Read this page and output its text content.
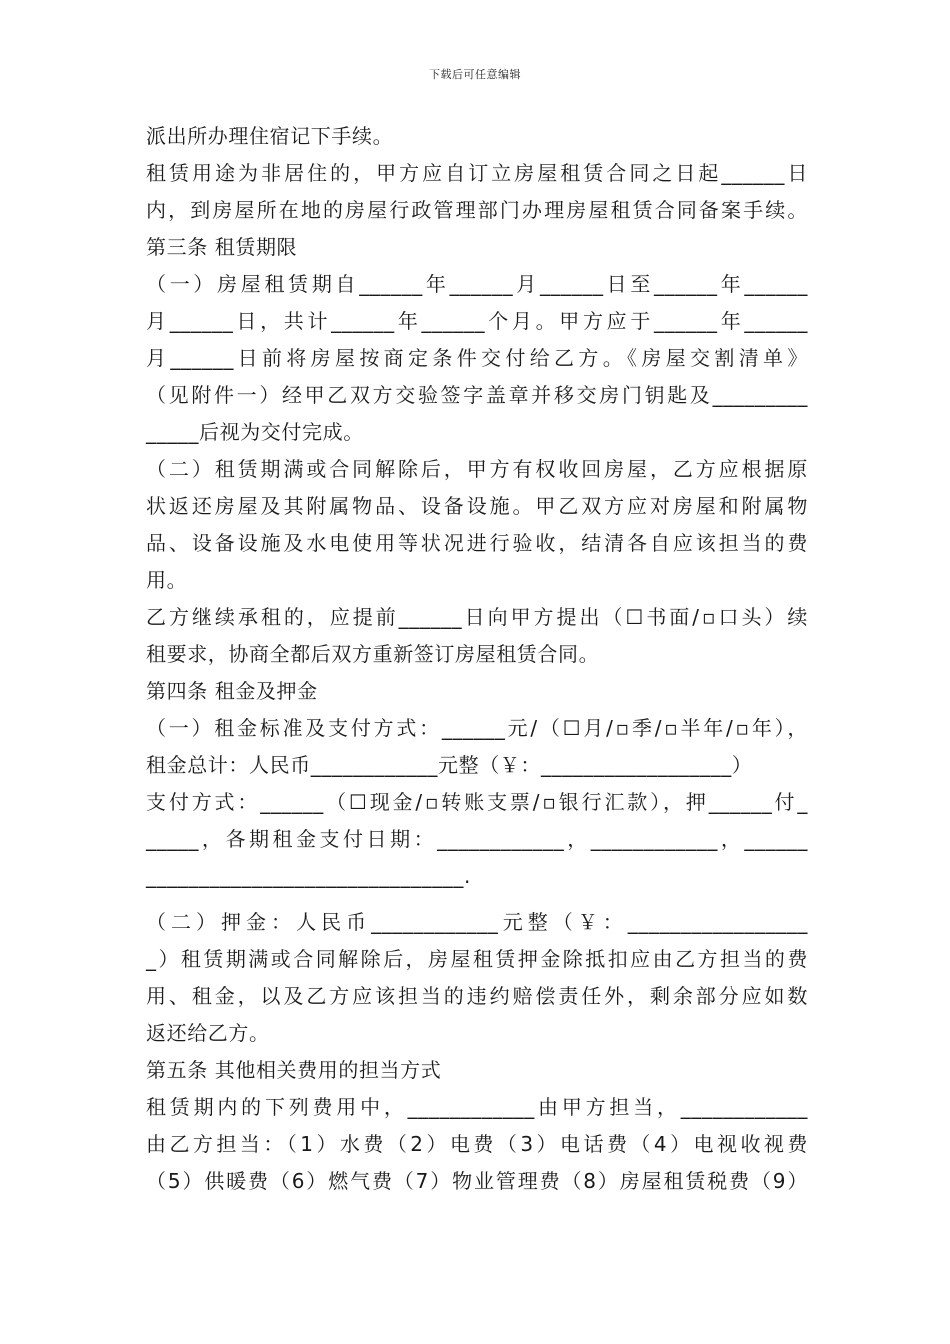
下载后可任意编辑
派出所办理住宿记下手续。
租赁用途为非居住的，甲方应自订立房屋租赁合同之日起______日
内，到房屋所在地的房屋行政管理部门办理房屋租赁合同备案手续。
第三条 租赁期限
（一）房屋租赁期自______年______月______日至______年______
月______日，共计______年______个月。甲方应于______年______
月______日前将房屋按商定条件交付给乙方。《房屋交割清单》
（见附件一）经甲乙双方交验签字盖章并移交房门钥匙及_________
_____后视为交付完成。
（二）租赁期满或合同解除后，甲方有权收回房屋，乙方应根据原
状返还房屋及其附属物品、设备设施。甲乙双方应对房屋和附属物
品、设备设施及水电使用等状况进行验收，结清各自应该担当的费
用。
乙方继续承租的，应提前______日向甲方提出（☐书面/▫口头）续
租要求，协商全都后双方重新签订房屋租赁合同。
第四条 租金及押金
（一）租金标准及支付方式：______元/（☐月/▫季/▫半年/▫年），
租金总计：人民币____________元整（￥：__________________）
支付方式：______（☐现金/▫转账支票/▫银行汇款），押______付_
_____，各期租金支付日期：____________，____________，______
______________________________.
（二）押金：人民币____________元整（￥：_________________
_）租赁期满或合同解除后，房屋租赁押金除抵扣应由乙方担当的费
用、租金，以及乙方应该担当的违约赔偿责任外，剩余部分应如数
返还给乙方。
第五条 其他相关费用的担当方式
租赁期内的下列费用中，____________由甲方担当，____________
由乙方担当：（1）水费（2）电费（3）电话费（4）电视收视费
（5）供暖费（6）燃气费（7）物业管理费（8）房屋租赁税费（9）
